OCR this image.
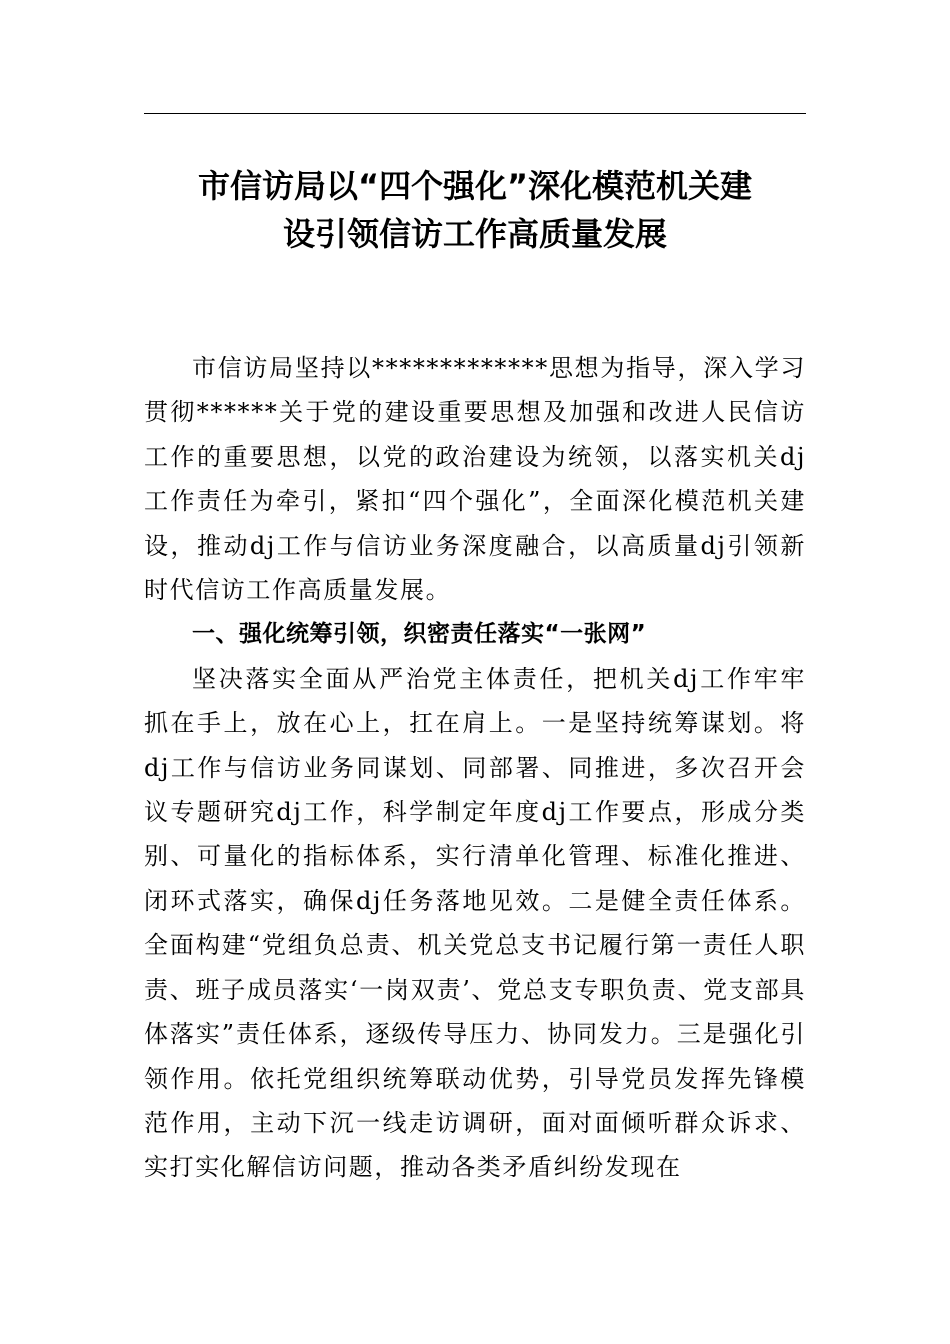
市信访局以“四个强化”深化模范机关建
设引领信访工作高质量发展

市信访局坚持以*************思想为指导，深入学习贯彻******关于党的建设重要思想及加强和改进人民信访工作的重要思想，以党的政治建设为统领，以落实机关dj工作责任为牵引，紧扣“四个强化”，全面深化模范机关建设，推动dj工作与信访业务深度融合，以高质量dj引领新时代信访工作高质量发展。

一、强化统筹引领，织密责任落实“一张网”

坚决落实全面从严治党主体责任，把机关dj工作牢牢抓在手上，放在心上，扛在肩上。一是坚持统筹谋划。将dj工作与信访业务同谋划、同部署、同推进，多次召开会议专题研究dj工作，科学制定年度dj工作要点，形成分类别、可量化的指标体系，实行清单化管理、标准化推进、闭环式落实，确保dj任务落地见效。二是健全责任体系。全面构建“党组负总责、机关党总支书记履行第一责任人职责、班子成员落实‘一岗双责’、党总支专职负责、党支部具体落实”责任体系，逐级传导压力、协同发力。三是强化引领作用。依托党组织统筹联动优势，引导党员发挥先锋模范作用，主动下沉一线走访调研，面对面倾听群众诉求、实打实化解信访问题，推动各类矛盾纠纷发现在
